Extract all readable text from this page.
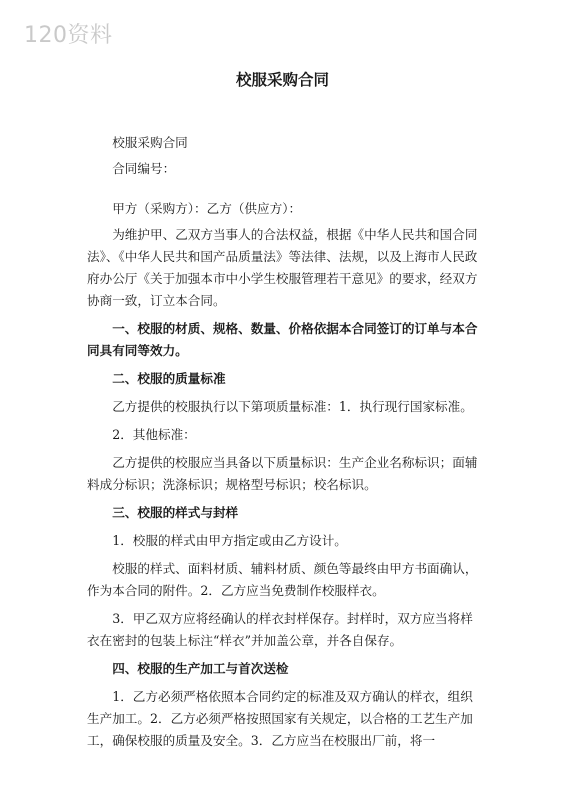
120资料
校服采购合同

校服采购合同

合同编号：

甲方（采购方）：乙方（供应方）：

为维护甲、乙双方当事人的合法权益，根据《中华人民共和国合同法》、《中华人民共和国产品质量法》等法律、法规，以及上海市人民政府办公厅《关于加强本市中小学生校服管理若干意见》的要求，经双方协商一致，订立本合同。

一、校服的材质、规格、数量、价格依据本合同签订的订单与本合同具有同等效力。

二、校服的质量标准

乙方提供的校服执行以下第项质量标准：1．执行现行国家标准。

2．其他标准：

乙方提供的校服应当具备以下质量标识：生产企业名称标识；面辅料成分标识；洗涤标识；规格型号标识；校名标识。

三、校服的样式与封样

1．校服的样式由甲方指定或由乙方设计。

校服的样式、面料材质、辅料材质、颜色等最终由甲方书面确认，作为本合同的附件。2．乙方应当免费制作校服样衣。

3．甲乙双方应将经确认的样衣封样保存。封样时，双方应当将样衣在密封的包装上标注“样衣”并加盖公章，并各自保存。

四、校服的生产加工与首次送检

1．乙方必须严格依照本合同约定的标准及双方确认的样衣，组织生产加工。2．乙方必须严格按照国家有关规定，以合格的工艺生产加工，确保校服的质量及安全。3．乙方应当在校服出厂前，将一
